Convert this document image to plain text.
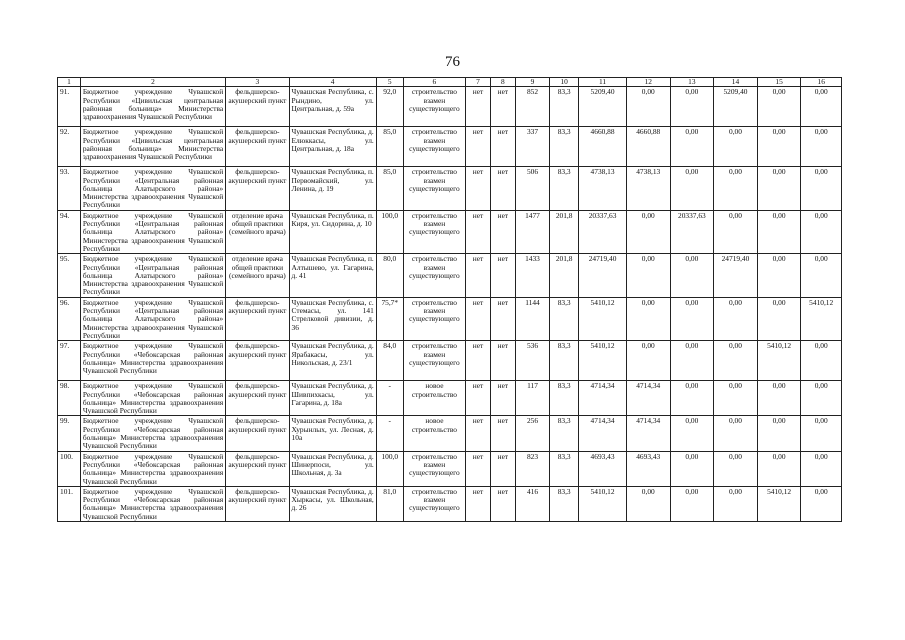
76
1	2	3	4	5	6	7	8	9	10	11	12	13	14	15	16
91.	Бюджетное учреждение Чувашской Республики «Цивильская центральная районная больница» Министерства здравоохранения Чувашской Республики	фельдшерско-акушерский пункт	Чувашская Республика, с. Рындино, ул. Центральная, д. 59а	92,0	строительство взамен существующего	нет	нет	852	83,3	5209,40	0,00	0,00	5209,40	0,00	0,00
92.	Бюджетное учреждение Чувашской Республики «Цивильская центральная районная больница» Министерства здравоохранения Чувашской Республики	фельдшерско-акушерский пункт	Чувашская Республика, д. Елюккасы, ул. Центральная, д. 18а	85,0	строительство взамен существующего	нет	нет	337	83,3	4660,88	4660,88	0,00	0,00	0,00	0,00
93.	Бюджетное учреждение Чувашской Республики «Центральная районная больница Алатырского района» Министерства здравоохранения Чувашской Республики	фельдшерско-акушерский пункт	Чувашская Республика, п. Первомайский, ул. Ленина, д. 19	85,0	строительство взамен существующего	нет	нет	506	83,3	4738,13	4738,13	0,00	0,00	0,00	0,00
94.	Бюджетное учреждение Чувашской Республики «Центральная районная больница Алатырского района» Министерства здравоохранения Чувашской Республики	отделение врача общей практики (семейного врача)	Чувашская Республика, п. Киря, ул. Сидорина, д. 10	100,0	строительство взамен существующего	нет	нет	1477	201,8	20337,63	0,00	20337,63	0,00	0,00	0,00
95.	Бюджетное учреждение Чувашской Республики «Центральная районная больница Алатырского района» Министерства здравоохранения Чувашской Республики	отделение врача общей практики (семейного врача)	Чувашская Республика, п. Алтышево, ул. Гагарина, д. 41	80,0	строительство взамен существующего	нет	нет	1433	201,8	24719,40	0,00	0,00	24719,40	0,00	0,00
96.	Бюджетное учреждение Чувашской Республики «Центральная районная больница Алатырского района» Министерства здравоохранения Чувашской Республики	фельдшерско-акушерский пункт	Чувашская Республика, с. Стемасы, ул. 141 Стрелковой дивизии, д. 36	75,7*	строительство взамен существующего	нет	нет	1144	83,3	5410,12	0,00	0,00	0,00	0,00	5410,12
97.	Бюджетное учреждение Чувашской Республики «Чебоксарская районная больница» Министерства здравоохранения Чувашской Республики	фельдшерско-акушерский пункт	Чувашская Республика, д. Ярабакасы, ул. Никольская, д. 23/1	84,0	строительство взамен существующего	нет	нет	536	83,3	5410,12	0,00	0,00	0,00	5410,12	0,00
98.	Бюджетное учреждение Чувашской Республики «Чебоксарская районная больница» Министерства здравоохранения Чувашской Республики	фельдшерско-акушерский пункт	Чувашская Республика, д. Шивпихкасы, ул. Гагарина, д. 18а	-	новое строительство	нет	нет	117	83,3	4714,34	4714,34	0,00	0,00	0,00	0,00
99.	Бюджетное учреждение Чувашской Республики «Чебоксарская районная больница» Министерства здравоохранения Чувашской Республики	фельдшерско-акушерский пункт	Чувашская Республика, д. Хурынлых, ул. Лесная, д. 10а	-	новое строительство	нет	нет	256	83,3	4714,34	4714,34	0,00	0,00	0,00	0,00
100.	Бюджетное учреждение Чувашской Республики «Чебоксарская районная больница» Министерства здравоохранения Чувашской Республики	фельдшерско-акушерский пункт	Чувашская Республика, д. Шинерпоси, ул. Школьная, д. 3а	100,0	строительство взамен существующего	нет	нет	823	83,3	4693,43	4693,43	0,00	0,00	0,00	0,00
101.	Бюджетное учреждение Чувашской Республики «Чебоксарская районная больница» Министерства здравоохранения Чувашской Республики	фельдшерско-акушерский пункт	Чувашская Республика, д. Хыркасы, ул. Школьная, д. 26	81,0	строительство взамен существующего	нет	нет	416	83,3	5410,12	0,00	0,00	0,00	5410,12	0,00
